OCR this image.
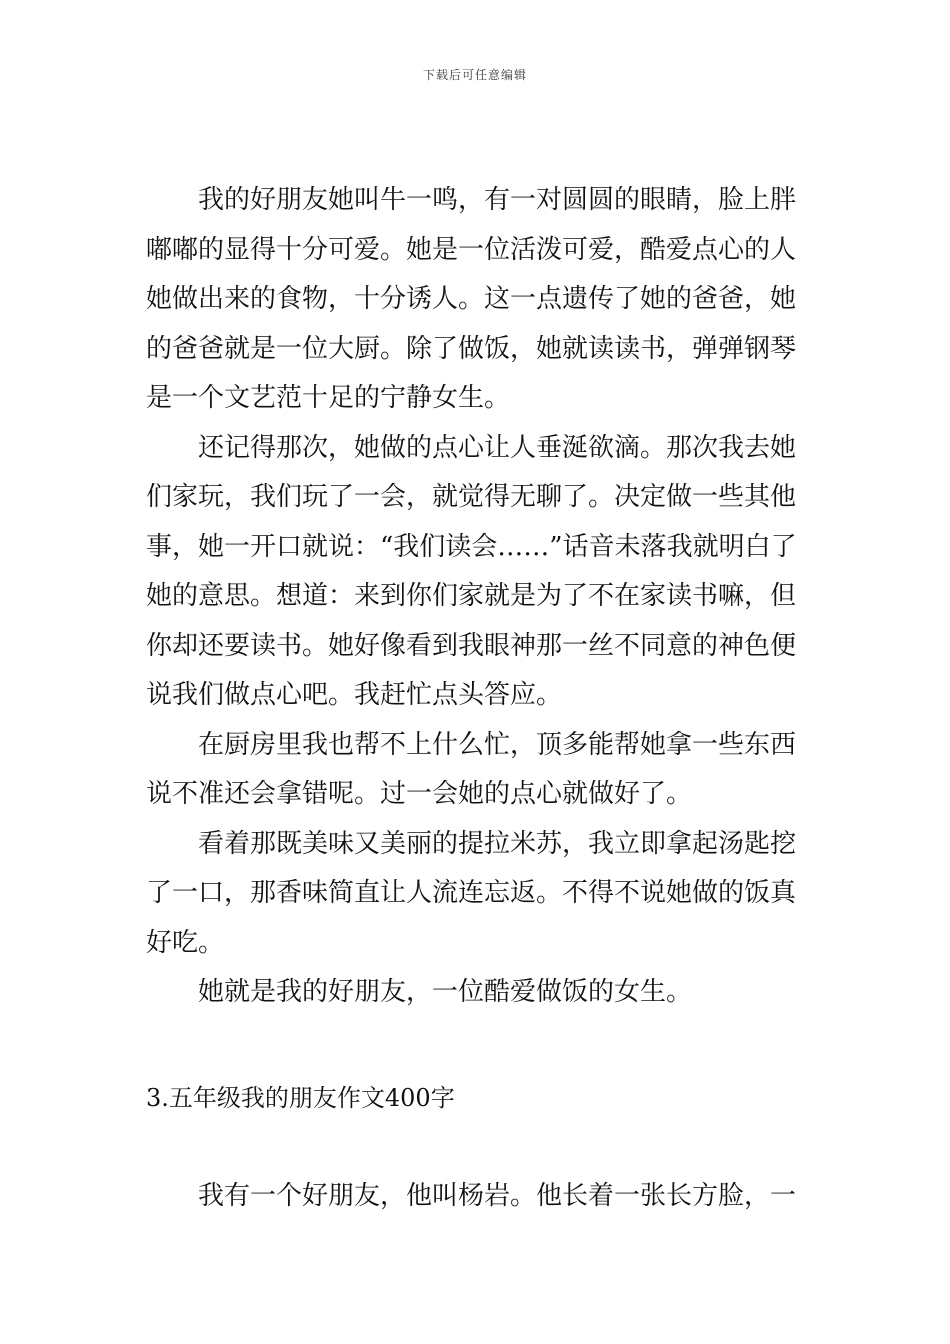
下载后可任意编辑

我的好朋友她叫牛一鸣，有一对圆圆的眼睛，脸上胖嘟嘟的显得十分可爱。她是一位活泼可爱，酷爱点心的人她做出来的食物，十分诱人。这一点遗传了她的爸爸，她的爸爸就是一位大厨。除了做饭，她就读读书，弹弹钢琴是一个文艺范十足的宁静女生。

还记得那次，她做的点心让人垂涎欲滴。那次我去她们家玩，我们玩了一会，就觉得无聊了。决定做一些其他事，她一开口就说：“我们读会……”话音未落我就明白了她的意思。想道：来到你们家就是为了不在家读书嘛，但你却还要读书。她好像看到我眼神那一丝不同意的神色便说我们做点心吧。我赶忙点头答应。

在厨房里我也帮不上什么忙，顶多能帮她拿一些东西说不准还会拿错呢。过一会她的点心就做好了。

看着那既美味又美丽的提拉米苏，我立即拿起汤匙挖了一口，那香味简直让人流连忘返。不得不说她做的饭真好吃。

她就是我的好朋友，一位酷爱做饭的女生。

3.五年级我的朋友作文400字

我有一个好朋友，他叫杨岩。他长着一张长方脸，一
